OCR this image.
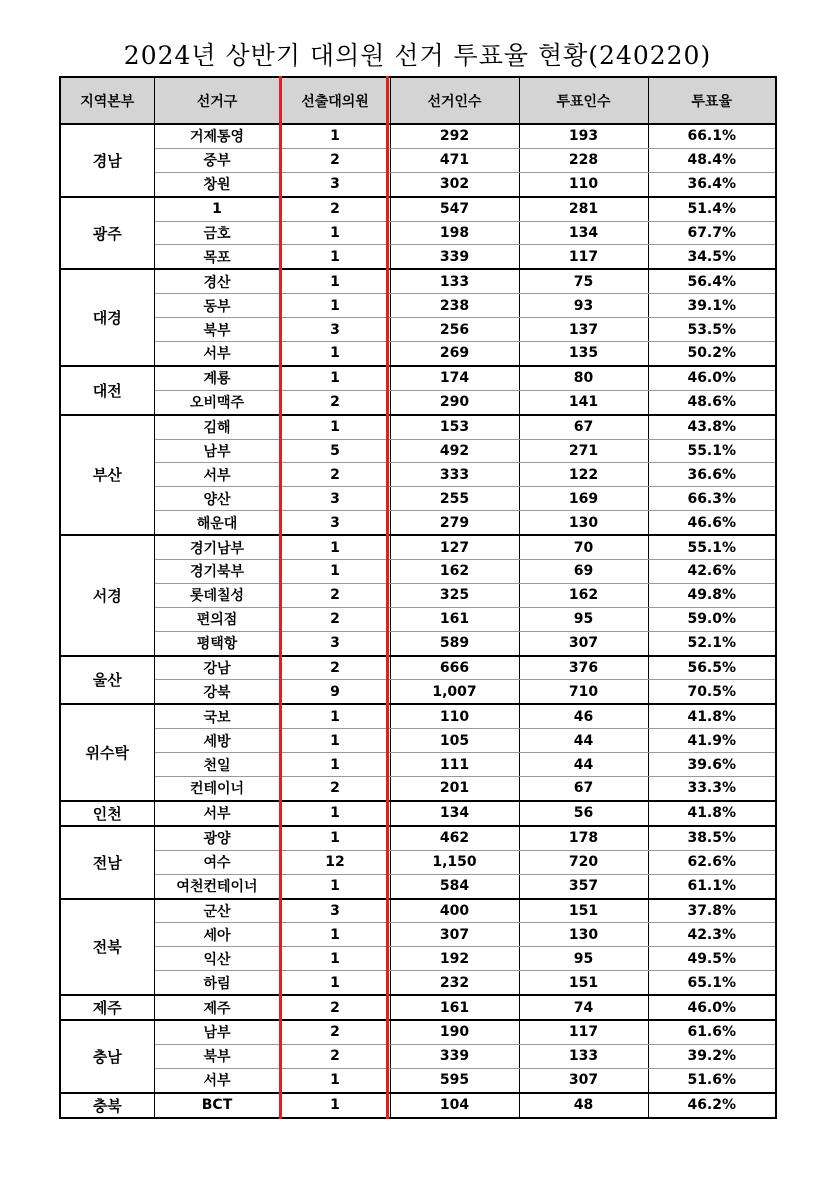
2024년 상반기 대의원 선거 투표율 현황(240220)
지역본부	선거구	선출대의원	선거인수	투표인수	투표율
경남	거제통영	1	292	193	66.1%
	중부	2	471	228	48.4%
	창원	3	302	110	36.4%
광주	1	2	547	281	51.4%
	금호	1	198	134	67.7%
	목포	1	339	117	34.5%
대경	경산	1	133	75	56.4%
	동부	1	238	93	39.1%
	북부	3	256	137	53.5%
	서부	1	269	135	50.2%
대전	계룡	1	174	80	46.0%
	오비맥주	2	290	141	48.6%
부산	김해	1	153	67	43.8%
	남부	5	492	271	55.1%
	서부	2	333	122	36.6%
	양산	3	255	169	66.3%
	해운대	3	279	130	46.6%
서경	경기남부	1	127	70	55.1%
	경기북부	1	162	69	42.6%
	롯데칠성	2	325	162	49.8%
	편의점	2	161	95	59.0%
	평택항	3	589	307	52.1%
울산	강남	2	666	376	56.5%
	강북	9	1,007	710	70.5%
위수탁	국보	1	110	46	41.8%
	세방	1	105	44	41.9%
	천일	1	111	44	39.6%
	컨테이너	2	201	67	33.3%
인천	서부	1	134	56	41.8%
전남	광양	1	462	178	38.5%
	여수	12	1,150	720	62.6%
	여천컨테이너	1	584	357	61.1%
전북	군산	3	400	151	37.8%
	세아	1	307	130	42.3%
	익산	1	192	95	49.5%
	하림	1	232	151	65.1%
제주	제주	2	161	74	46.0%
충남	남부	2	190	117	61.6%
	북부	2	339	133	39.2%
	서부	1	595	307	51.6%
충북	BCT	1	104	48	46.2%
